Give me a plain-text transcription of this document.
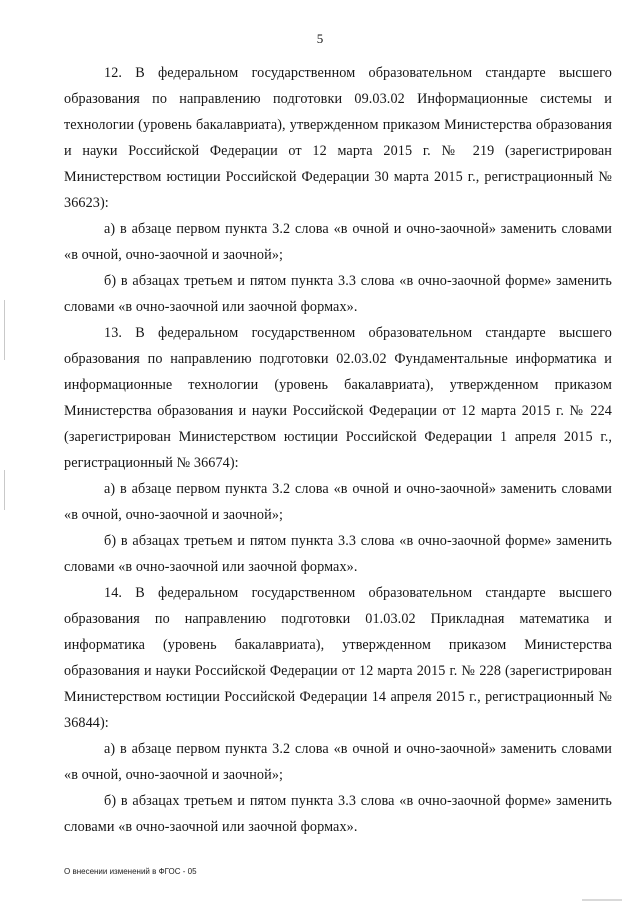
5

12. В федеральном государственном образовательном стандарте высшего образования по направлению подготовки 09.03.02 Информационные системы и технологии (уровень бакалавриата), утвержденном приказом Министерства образования и науки Российской Федерации от 12 марта 2015 г. № 219 (зарегистрирован Министерством юстиции Российской Федерации 30 марта 2015 г., регистрационный № 36623):

а) в абзаце первом пункта 3.2 слова «в очной и очно-заочной» заменить словами «в очной, очно-заочной и заочной»;

б) в абзацах третьем и пятом пункта 3.3 слова «в очно-заочной форме» заменить словами «в очно-заочной или заочной формах».

13. В федеральном государственном образовательном стандарте высшего образования по направлению подготовки 02.03.02 Фундаментальные информатика и информационные технологии (уровень бакалавриата), утвержденном приказом Министерства образования и науки Российской Федерации от 12 марта 2015 г. № 224 (зарегистрирован Министерством юстиции Российской Федерации 1 апреля 2015 г., регистрационный № 36674):

а) в абзаце первом пункта 3.2 слова «в очной и очно-заочной» заменить словами «в очной, очно-заочной и заочной»;

б) в абзацах третьем и пятом пункта 3.3 слова «в очно-заочной форме» заменить словами «в очно-заочной или заочной формах».

14. В федеральном государственном образовательном стандарте высшего образования по направлению подготовки 01.03.02 Прикладная математика и информатика (уровень бакалавриата), утвержденном приказом Министерства образования и науки Российской Федерации от 12 марта 2015 г. № 228 (зарегистрирован Министерством юстиции Российской Федерации 14 апреля 2015 г., регистрационный № 36844):

а) в абзаце первом пункта 3.2 слова «в очной и очно-заочной» заменить словами «в очной, очно-заочной и заочной»;

б) в абзацах третьем и пятом пункта 3.3 слова «в очно-заочной форме» заменить словами «в очно-заочной или заочной формах».

О внесении изменений в ФГОС - 05
